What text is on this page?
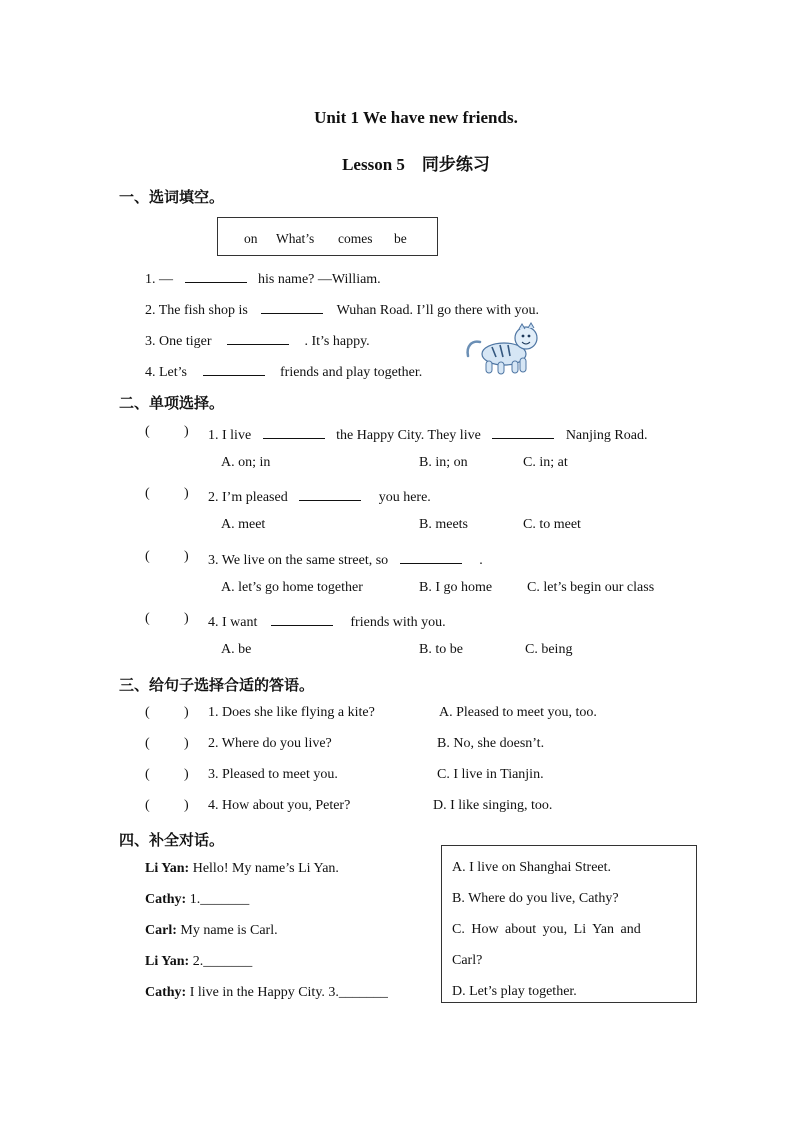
Unit 1 We have new friends.
Lesson 5　同步练习
一、选词填空。
on What’s comes be
1. —	his name? —William.
2. The fish shop is	Wuhan Road. I’ll go there with you.
3. One tiger	. It’s happy.
4. Let’s	friends and play together.
二、单项选择。
( ) 1. I live	the Happy City. They live	Nanjing Road.
A. on; in	B. in; on	C. in; at
( ) 2. I’m pleased	you here.
A. meet	B. meets	C. to meet
( ) 3. We live on the same street, so	.
A. let’s go home together	B. I go home C. let’s begin our class
( ) 4. I want	friends with you.
A. be	B. to be	C. being
三、给句子选择合适的答语。
( ) 1. Does she like flying a kite?	A. Pleased to meet you, too.
( ) 2. Where do you live?	B. No, she doesn’t.
( ) 3. Pleased to meet you.	C. I live in Tianjin.
( ) 4. How about you, Peter?	D. I like singing, too.
四、补全对话。
Li Yan: Hello! My name’s Li Yan.
Cathy: 1._______
Carl: My name is Carl.
Li Yan: 2._______
Cathy: I live in the Happy City. 3._______
A. I live on Shanghai Street.
B. Where do you live, Cathy?
C. How about you, Li Yan and
Carl?
D. Let’s play together.
